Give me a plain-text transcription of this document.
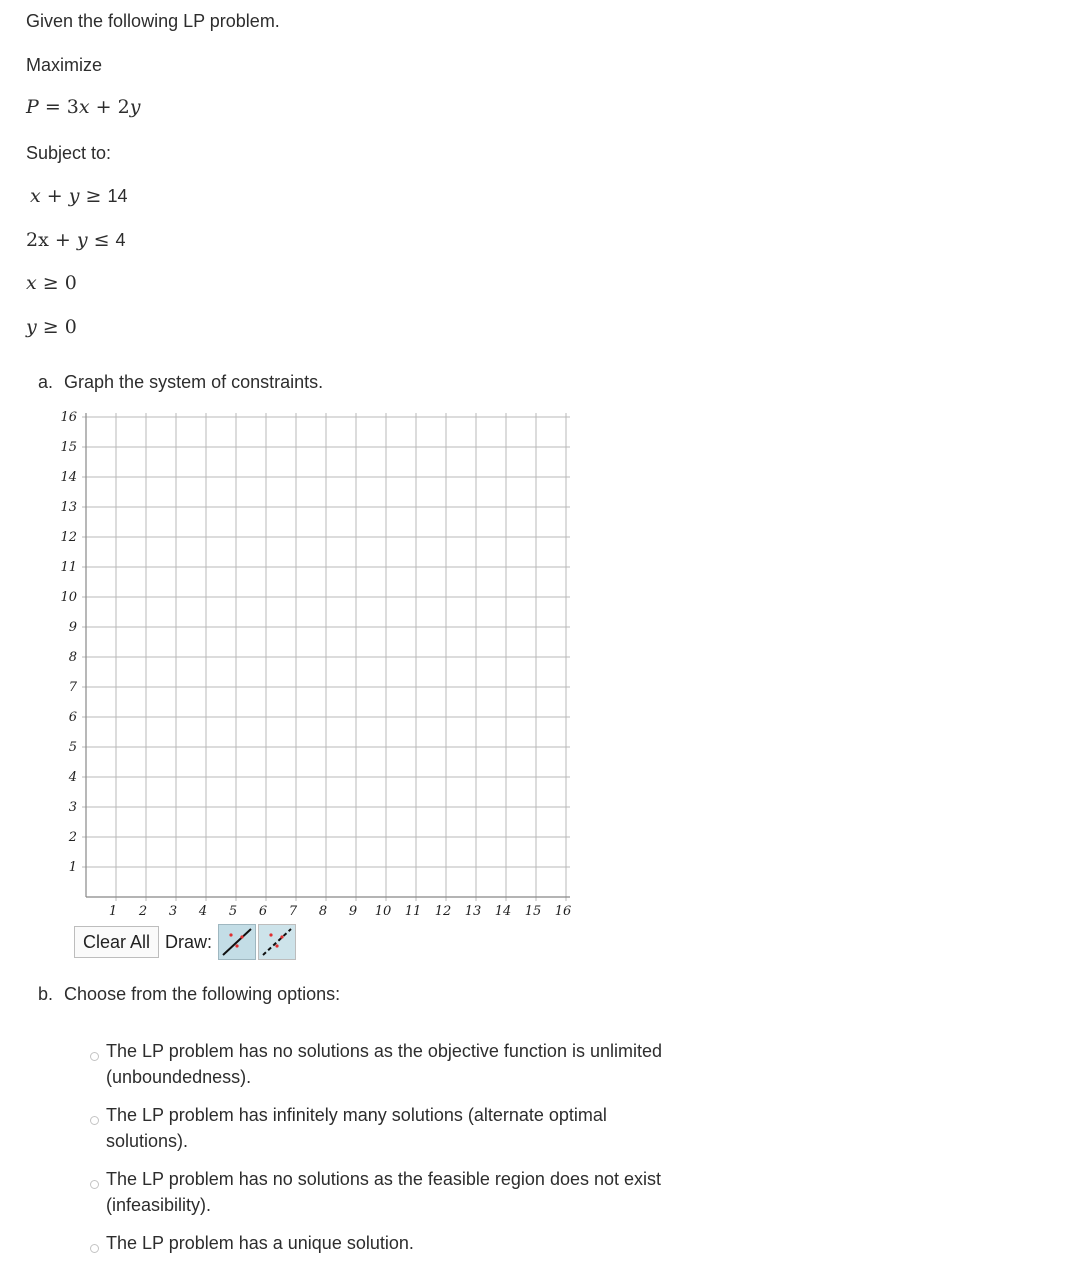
Given the following LP problem.
Maximize
P = 3x + 2y
Subject to:
x + y ≥ 14
2x + y ≤ 4
x ≥ 0
y ≥ 0
a. Graph the system of constraints.
1 2 3 4 5 6 7 8 9 10 11 12 13 14 15 16
1
2
3
4
5
6
7
8
9
10
11
12
13
14
15
16
Clear All Draw:
b. Choose from the following options:
The LP problem has no solutions as the objective function is unlimited
(unboundedness).
The LP problem has infinitely many solutions (alternate optimal
solutions).
The LP problem has no solutions as the feasible region does not exist
(infeasibility).
The LP problem has a unique solution.
